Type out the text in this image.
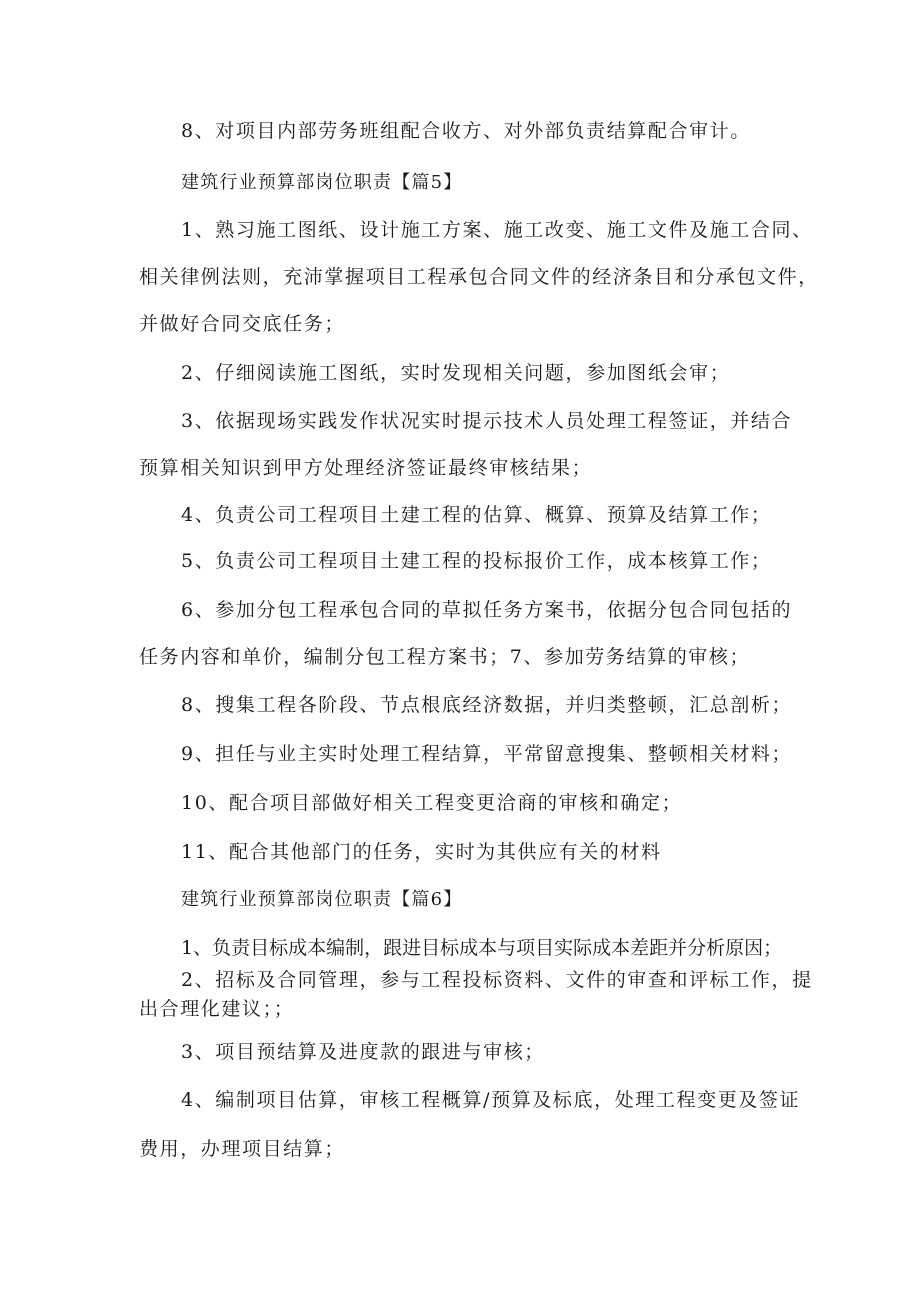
8、对项目内部劳务班组配合收方、对外部负责结算配合审计。
建筑行业预算部岗位职责【篇5】
1、熟习施工图纸、设计施工方案、施工改变、施工文件及施工合同、
相关律例法则，充沛掌握项目工程承包合同文件的经济条目和分承包文件，
并做好合同交底任务；
2、仔细阅读施工图纸，实时发现相关问题，参加图纸会审；
3、依据现场实践发作状况实时提示技术人员处理工程签证，并结合
预算相关知识到甲方处理经济签证最终审核结果；
4、负责公司工程项目土建工程的估算、概算、预算及结算工作；
5、负责公司工程项目土建工程的投标报价工作，成本核算工作；
6、参加分包工程承包合同的草拟任务方案书，依据分包合同包括的
任务内容和单价，编制分包工程方案书；7、参加劳务结算的审核；
8、搜集工程各阶段、节点根底经济数据，并归类整顿，汇总剖析；
9、担任与业主实时处理工程结算，平常留意搜集、整顿相关材料；
10、配合项目部做好相关工程变更洽商的审核和确定；
11、配合其他部门的任务，实时为其供应有关的材料
建筑行业预算部岗位职责【篇6】
1、负责目标成本编制，跟进目标成本与项目实际成本差距并分析原因；
2、招标及合同管理，参与工程投标资料、文件的审查和评标工作，提
出合理化建议；；
3、项目预结算及进度款的跟进与审核；
4、编制项目估算，审核工程概算/预算及标底，处理工程变更及签证
费用，办理项目结算；
